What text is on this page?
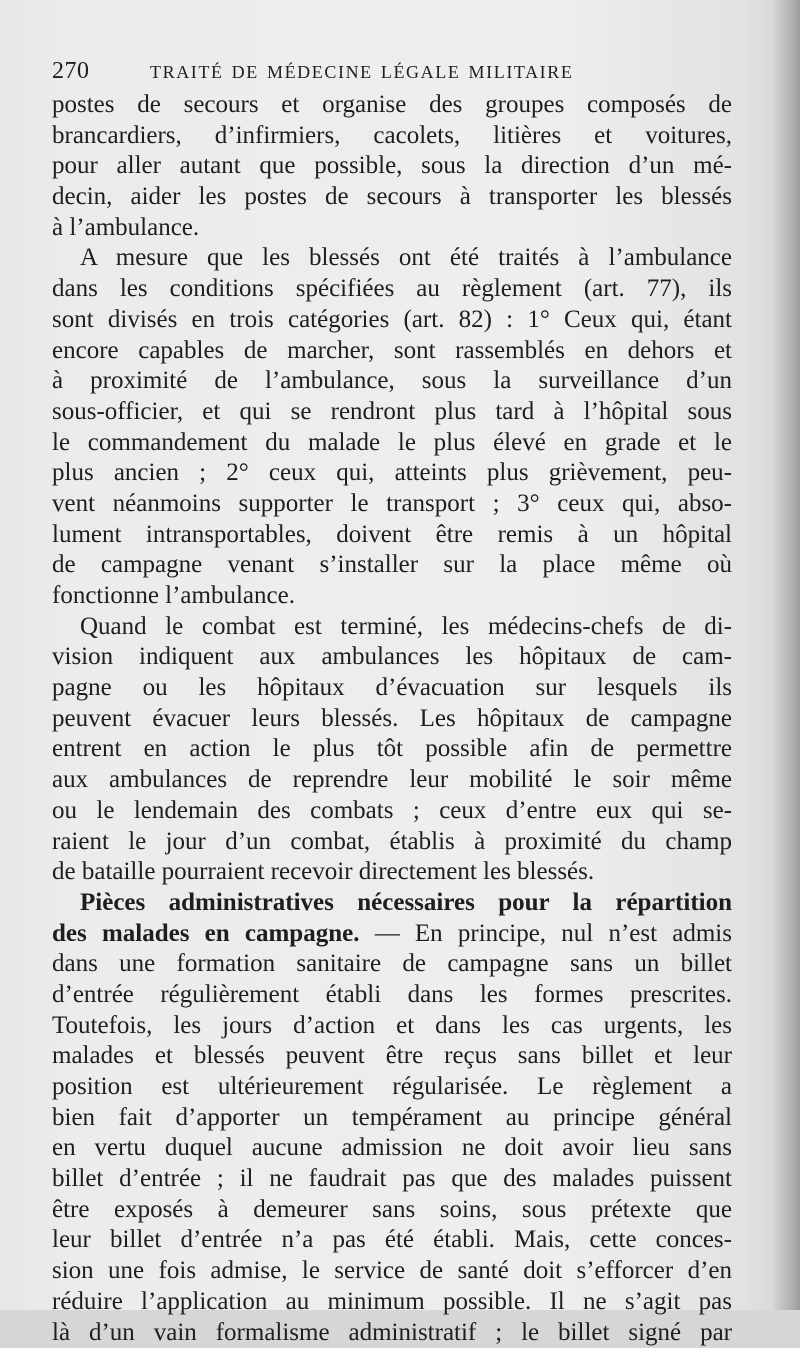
270	TRAITÉ DE MÉDECINE LÉGALE MILITAIRE
postes de secours et organise des groupes composés de
brancardiers, d’infirmiers, cacolets, litières et voitures,
pour aller autant que possible, sous la direction d’un mé-
decin, aider les postes de secours à transporter les blessés
à l’ambulance.
A mesure que les blessés ont été traités à l’ambulance
dans les conditions spécifiées au règlement (art. 77), ils
sont divisés en trois catégories (art. 82) : 1° Ceux qui, étant
encore capables de marcher, sont rassemblés en dehors et
à proximité de l’ambulance, sous la surveillance d’un
sous-officier, et qui se rendront plus tard à l’hôpital sous
le commandement du malade le plus élevé en grade et le
plus ancien ; 2° ceux qui, atteints plus grièvement, peu-
vent néanmoins supporter le transport ; 3° ceux qui, abso-
lument intransportables, doivent être remis à un hôpital
de campagne venant s’installer sur la place même où
fonctionne l’ambulance.
Quand le combat est terminé, les médecins-chefs de di-
vision indiquent aux ambulances les hôpitaux de cam-
pagne ou les hôpitaux d’évacuation sur lesquels ils
peuvent évacuer leurs blessés. Les hôpitaux de campagne
entrent en action le plus tôt possible afin de permettre
aux ambulances de reprendre leur mobilité le soir même
ou le lendemain des combats ; ceux d’entre eux qui se-
raient le jour d’un combat, établis à proximité du champ
de bataille pourraient recevoir directement les blessés.
Pièces administratives nécessaires pour la répartition
des malades en campagne. — En principe, nul n’est admis
dans une formation sanitaire de campagne sans un billet
d’entrée régulièrement établi dans les formes prescrites.
Toutefois, les jours d’action et dans les cas urgents, les
malades et blessés peuvent être reçus sans billet et leur
position est ultérieurement régularisée. Le règlement a
bien fait d’apporter un tempérament au principe général
en vertu duquel aucune admission ne doit avoir lieu sans
billet d’entrée ; il ne faudrait pas que des malades puissent
être exposés à demeurer sans soins, sous prétexte que
leur billet d’entrée n’a pas été établi. Mais, cette conces-
sion une fois admise, le service de santé doit s’efforcer d’en
réduire l’application au minimum possible. Il ne s’agit pas
là d’un vain formalisme administratif ; le billet signé par
